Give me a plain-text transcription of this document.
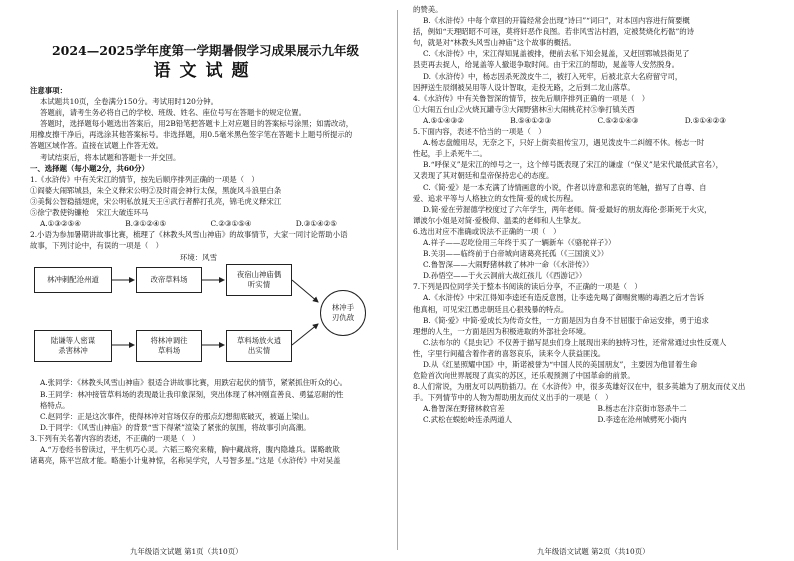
2024—2025学年度第一学期暑假学习成果展示九年级
语文试题
注意事项：
本试题共10页，全卷满分150分。考试用时120分钟。
答题前，请考生务必将自己的学校、班级、姓名、座位号写在答题卡的规定位置。
答题时，选择题每小题选出答案后，用2B铅笔把答题卡上对应题目的答案标号涂黑；如需改动，
用橡皮擦干净后，再选涂其他答案标号。非选择题，用0.5毫米黑色签字笔在答题卡上题号所提示的
答题区域作答。直接在试题上作答无效。
考试结束后，将本试题和答题卡一并交回。
一、选择题（每小题2分，共60分）
1.《水浒传》中有关宋江的情节，按先后顺序排列正确的一项是（　）
①阎婆大闹郓城县，朱仝义释宋公明②及时雨会神行太保，黑旋风斗浪里白条
③美髯公智稳插翅虎，宋公明私放晁天王④武行者醉打孔亮，锦毛虎义释宋江
⑤徐宁教使钩镰枪　宋江大破连环马
A.①③②⑤④	B.③①②④⑤	C.②③①⑤④	D.③①④②⑤
2.小语为参加暑期讲故事比赛，梳理了《林教头风雪山神庙》的故事情节，大家一同讨论帮助小语
故事，下列讨论中，有误的一项是（　）
环境：风雪
林冲刺配沧州道	改帝草料场
夜宿山神庙偶听实情
陆谦等人密谋杀害林冲
将林冲调往草料场
草料场放火逍出实情
林冲手刃仇敌
A.张同学：《林教头风雪山神庙》很适合讲故事比赛，用跌宕起伏的情节，紧紧抓住听众的心。
B.王同学：林冲接管草料场的表现最让我印象深刻，突出体现了林冲刚直善良、勇猛忍耐的性
格特点。
C.赵同学：正是这次事件，使得林冲对官场仅存的那点幻想彻底破灭，被逼上梁山。
D.于同学：《风雪山神庙》的背景“雪下得紧”渲染了紧张的氛围，将故事引向高潮。
3.下列有关名著内容的表述，不正确的一项是（　）
A.“万卷经书曾读过，平生机巧心灵。六韬三略究来精，胸中藏战将，腹内隐雄兵。谋略敢欺
诸葛亮，陈平岂敌才能。略施小计鬼神惊，名称吴学究，人号智多星。”这是《水浒传》中对吴盖
九年级语文试题 第1页（共10页）
的赞美。
B.《水浒传》中每个章回的开篇经常会出现“诗曰”“词曰”，对本回内容进行简要概
括，例如“天理昭昭不可诬，莫将奸恶作良图。若非风雪沾村酒，定被焚烧化朽骷”的诗
句，就是对“林教头风雪山神庙”这个故事的概括。
C.《水浒传》中，宋江得知晁盖被排，便前去私下知会晁盖，又赶回郓城县衙见了
县吏再去捉人，给晁盖等人撤退争取时间。由于宋江的帮助，晁盖等人安然脱身。
D.《水浒传》中，杨志因杀死泼皮牛二，被打入死牢，后被北京大名府留守司，
因押送生辰纲被吴用等人设计智取，走投无路，之后到二龙山落草。
4.《水浒传》中有关鲁智深的情节，按先后顺序排列正确的一项是（　）
①大闹五台山②火烧瓦罐寺③大闹野猪林④大闹桃花村⑤拳打镇关西
A.⑤①④③②	B.⑤④①②③	C.⑤②①④③	D.⑤①④②③
5.下面内容，表述不恰当的一项是（　）
A.杨志盘缠用尽，无奈之下，只好上街卖祖传宝刀，遇见泼皮牛二纠缠不休。杨志一时
性起，手上杀死牛二。
B.“呼保义”是宋江的绰号之一，这个绰号既表现了宋江的谦虚（“保义”是宋代最低武官名），
又表现了其对朝廷和皇帝保持忠心的态度。
C.《简·爱》是一本充满了诗情画意的小说，作者以诗意和悲哀的笔触，描写了自尊、自
爱、追求平等与人格独立的女性简·爱的成长历程。
D.简·爱在劳渥德学校度过了六年学生，两年老师。简·爱最好的朋友海伦·彭斯死于火灾，
谭波尔小姐是对简·爱极仰、温柔的老师和人生挚友。
6.选出对应不准确或说法不正确的一项（　）
A.祥子——忍吃俭用三年终于买了一辆新车（《骆驼祥子》）
B.关羽——临终前于白帝城向诸葛亮托孤（《三国演义》）
C.鲁智深——大闹野猪林救了林冲一命（《水浒传》）
D.孙悟空——于火云洞前大战红孩儿（《西游记》）
7.下列是四位同学关于整本书阅读的读后分享，不正确的一项是（　）
A.《水浒传》中宋江得知李逵还有造反意图，让李逵先喝了御赐赏赐的毒酒之后才告诉
他真相，可见宋江愚忠朝廷且心狠残暴的特点。
B.《简·爱》中简·爱成长为传奇女性，一方面是因为自身不甘屈服于命运安排，勇于追求
理想的人生，一方面是因为积极进取的外部社会环境。
C.法布尔的《昆虫记》不仅善于描写昆虫们身上展现出来的独特习性，还常常通过虫性反观人
性，字里行间蕴含着作者的喜怒哀乐，读来令人获益匪浅。
D.从《红星照耀中国》中，斯诺被誉为“中国人民的美国朋友”，主要因为他冒着生命
危险首次向世界展现了真实的苏区，还乐观预测了中国革命的前景。
8.人们常说，为朋友可以两肋插刀。在《水浒传》中，很多英雄好汉在中，很多英雄为了朋友而仗义出
手。下列情节中的人物为帮助朋友而仗义出手的一项是（　）
A.鲁智深在野猪林救官差	B.杨志在汴京街市怒杀牛二
C.武松在蜈蚣岭连杀两道人	D.李逵在沧州城劈死小衙内
九年级语文试题 第2页（共10页）
